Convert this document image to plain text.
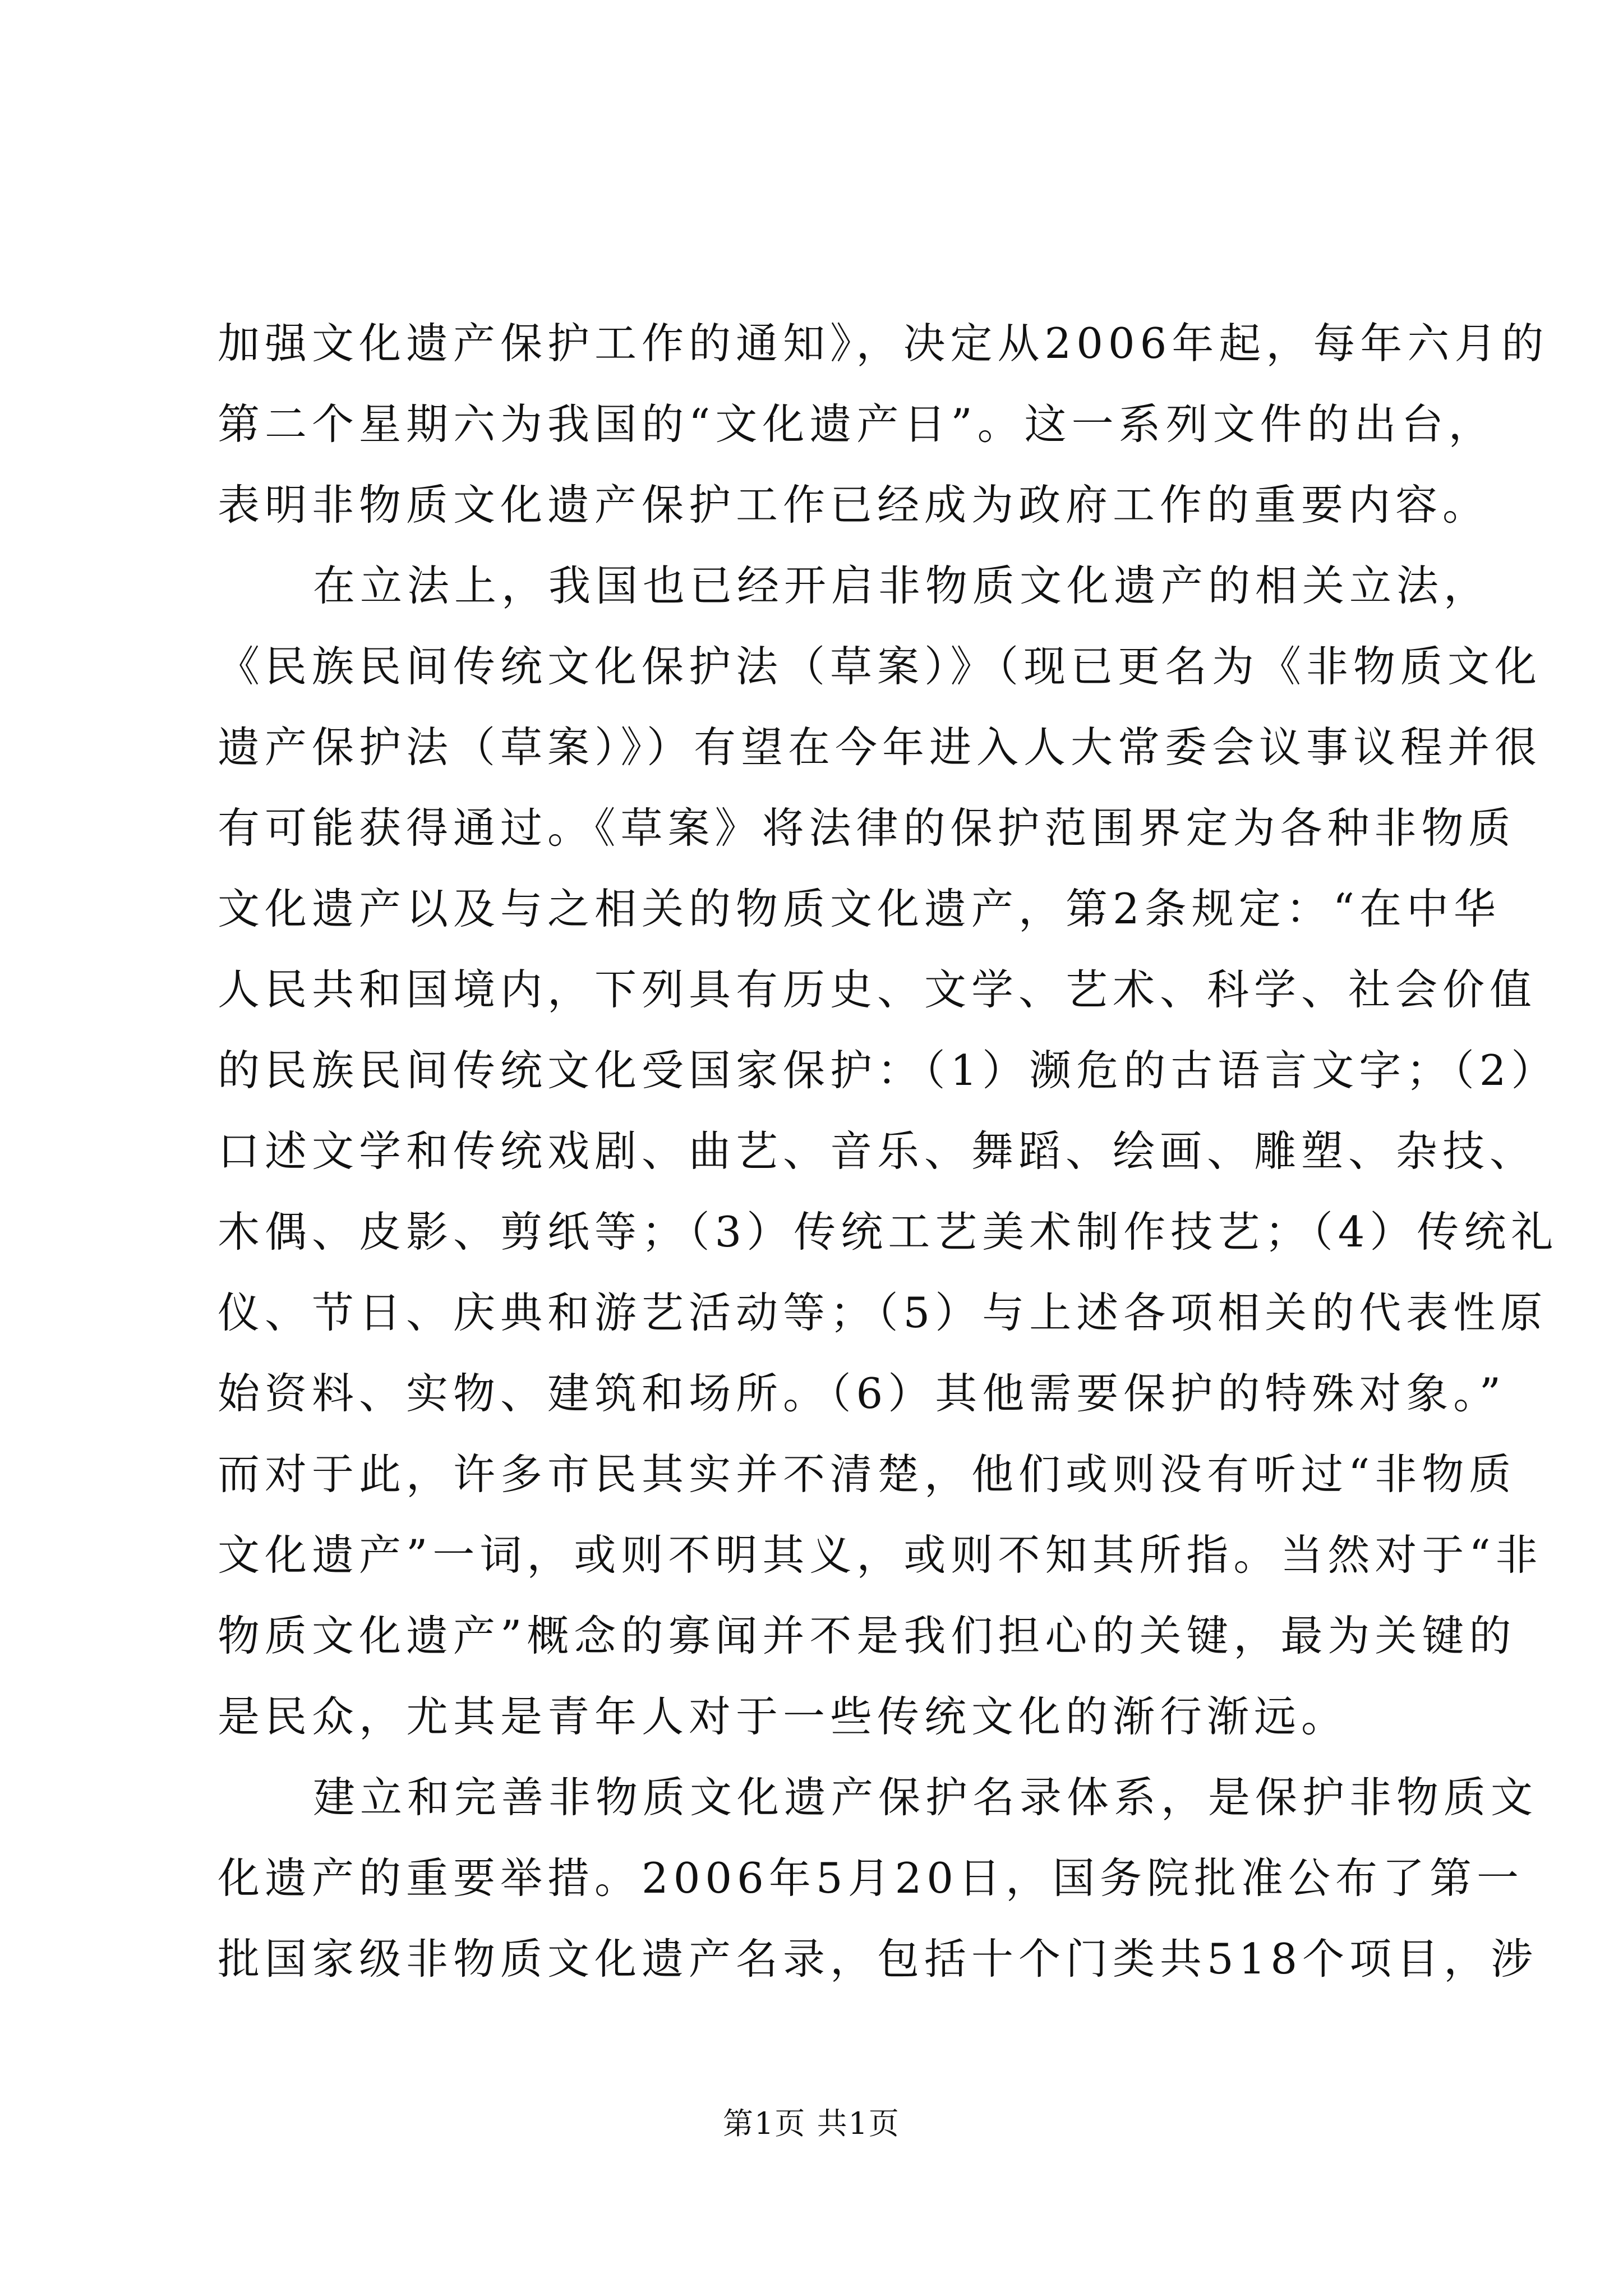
加强文化遗产保护工作的通知》，决定从2006年起，每年六月的
第二个星期六为我国的“文化遗产日”。这一系列文件的出台，
表明非物质文化遗产保护工作已经成为政府工作的重要内容。
在立法上，我国也已经开启非物质文化遗产的相关立法，
《民族民间传统文化保护法（草案）》（现已更名为《非物质文化
遗产保护法（草案）》）有望在今年进入人大常委会议事议程并很
有可能获得通过。《草案》将法律的保护范围界定为各种非物质
文化遗产以及与之相关的物质文化遗产，第2条规定：“在中华
人民共和国境内，下列具有历史、文学、艺术、科学、社会价值
的民族民间传统文化受国家保护：（1）濒危的古语言文字；（2）
口述文学和传统戏剧、曲艺、音乐、舞蹈、绘画、雕塑、杂技、
木偶、皮影、剪纸等；（3）传统工艺美术制作技艺；（4）传统礼
仪、节日、庆典和游艺活动等；（5）与上述各项相关的代表性原
始资料、实物、建筑和场所。（6）其他需要保护的特殊对象。”
而对于此，许多市民其实并不清楚，他们或则没有听过“非物质
文化遗产”一词，或则不明其义，或则不知其所指。当然对于“非
物质文化遗产”概念的寡闻并不是我们担心的关键，最为关键的
是民众，尤其是青年人对于一些传统文化的渐行渐远。
建立和完善非物质文化遗产保护名录体系，是保护非物质文
化遗产的重要举措。2006年5月20日，国务院批准公布了第一
批国家级非物质文化遗产名录，包括十个门类共518个项目，涉
第1页 共1页
